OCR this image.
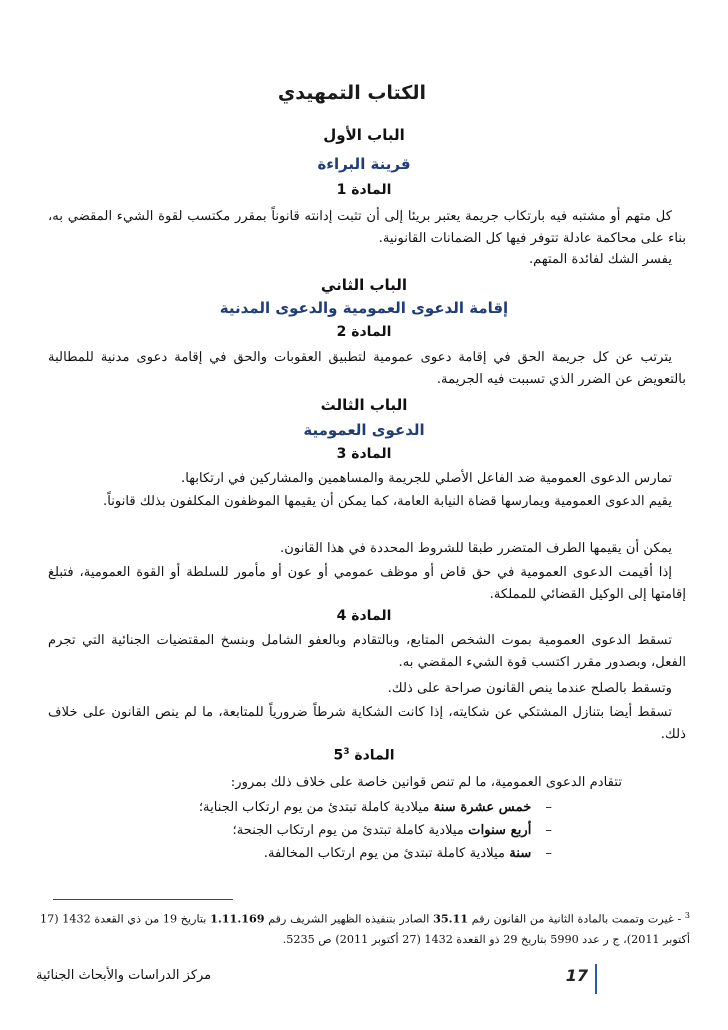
الكتاب التمهيدي
الباب الأول
قرينة البراءة
المادة 1
كل متهم أو مشتبه فيه بارتكاب جريمة يعتبر بريئا إلى أن تثبت إدانته قانوناً بمقرر مكتسب لقوة الشيء المقضي به، بناء على محاكمة عادلة تتوفر فيها كل الضمانات القانونية.
يفسر الشك لفائدة المتهم.
الباب الثاني
إقامة الدعوى العمومية والدعوى المدنية
المادة 2
يترتب عن كل جريمة الحق في إقامة دعوى عمومية لتطبيق العقوبات والحق في إقامة دعوى مدنية للمطالبة بالتعويض عن الضرر الذي تسببت فيه الجريمة.
الباب الثالث
الدعوى العمومية
المادة 3
تمارس الدعوى العمومية ضد الفاعل الأصلي للجريمة والمساهمين والمشاركين في ارتكابها.
يقيم الدعوى العمومية ويمارسها قضاة النيابة العامة، كما يمكن أن يقيمها الموظفون المكلفون بذلك قانوناً.
يمكن أن يقيمها الطرف المتضرر طبقا للشروط المحددة في هذا القانون.
إذا أقيمت الدعوى العمومية في حق قاض أو موظف عمومي أو عون أو مأمور للسلطة أو القوة العمومية، فتبلغ إقامتها إلى الوكيل القضائي للمملكة.
المادة 4
تسقط الدعوى العمومية بموت الشخص المتابع، وبالتقادم وبالعفو الشامل وبنسخ المقتضيات الجنائية التي تجرم الفعل، وبصدور مقرر اكتسب قوة الشيء المقضي به.
وتسقط بالصلح عندما ينص القانون صراحة على ذلك.
تسقط أيضا بتنازل المشتكي عن شكايته، إذا كانت الشكاية شرطاً ضرورياً للمتابعة، ما لم ينص القانون على خلاف ذلك.
المادة 5$^3$
تتقادم الدعوى العمومية، ما لم تنص قوانين خاصة على خلاف ذلك بمرور:
–خمس عشرة سنة ميلادية كاملة تبتدئ من يوم ارتكاب الجناية؛
–أربع سنوات ميلادية كاملة تبتدئ من يوم ارتكاب الجنحة؛
–سنة ميلادية كاملة تبتدئ من يوم ارتكاب المخالفة.
$^3$ - غيرت وتممت بالمادة الثانية من القانون رقم 35.11 الصادر بتنفيذه الظهير الشريف رقم 1.11.169 بتاريخ 19 من ذي القعدة 1432 (17 أكتوبر 2011)، ج ر عدد 5990 بتاريخ 29 ذو القعدة 1432 (27 أكتوبر 2011) ص 5235.
17
مركز الدراسات والأبحاث الجنائية
